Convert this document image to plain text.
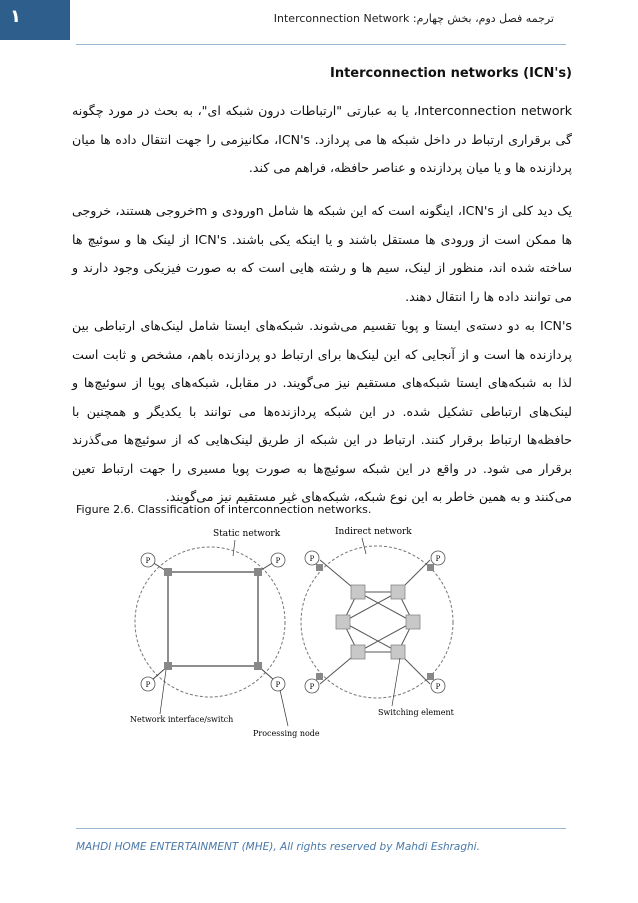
١	ترجمه فصل دوم، بخش چهارم: Interconnection Network
Interconnection networks (ICN's)
Interconnection network، یا به عبارتی "ارتباطات درون شبکه ای"، به بحث در مورد چگونه گی برقراری ارتباط در داخل شبکه ها می پردازد. ICN's، مکانیزمی را جهت انتقال داده ها میان پردازنده ها و یا میان پردازنده و عناصر حافظه، فراهم می کند.
یک دید کلی از ICN's، اینگونه است که این شبکه ها شامل nورودی و mخروجی هستند، خروجی ها ممکن است از ورودی ها مستقل باشند و یا اینکه یکی باشند. ICN's از لینک ها و سوئیچ ها ساخته شده اند، منظور از لینک، سیم ها و رشته هایی است که به صورت فیزیکی وجود دارند و می توانند داده ها را انتقال دهند.
ICN's به دو دسته‌ی ایستا و پویا تقسیم می‌شوند. شبکه‌های ایستا شامل لینک‌های ارتباطی بین پردازنده ها است و از آنجایی که این لینک‌ها برای ارتباط دو پردازنده باهم، مشخص و ثابت است لذا به شبکه‌های ایستا شبکه‌های مستقیم نیز می‌گویند. در مقابل، شبکه‌های پویا از سوئیچ‌ها و لینک‌های ارتباطی تشکیل شده. در این شبکه پردازنده‌ها می توانند با یکدیگر و همچنین با حافظه‌ها ارتباط برقرار کنند. ارتباط در این شبکه از طریق لینک‌هایی که از سوئیچ‌ها می‌گذرند برقرار می شود. در واقع در این شبکه سوئیچ‌ها به صورت پویا مسیری را جهت ارتباط تعین می‌کنند و به همین خاطر به این نوع شبکه، شبکه‌های غیر مستقیم نیز می‌گویند.
Figure 2.6. Classification of interconnection networks.
Static network
P	P
P	P
Network interface/switch
Processing node
Indirect network
P	P
P	P
Switching element
MAHDI HOME ENTERTAINMENT (MHE), All rights reserved by Mahdi Eshraghi.
